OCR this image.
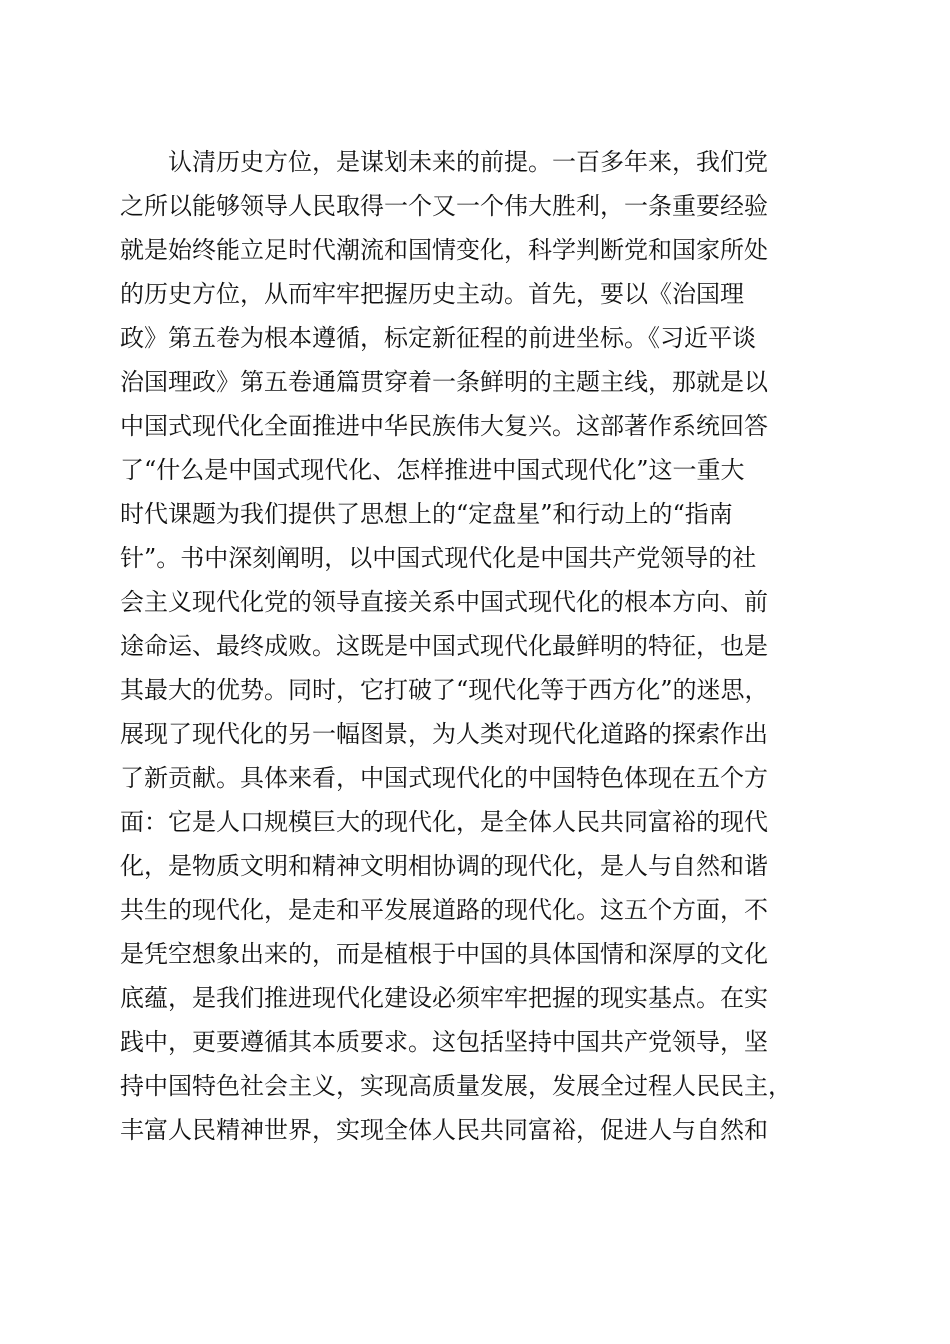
认清历史方位，是谋划未来的前提。一百多年来，我们党
之所以能够领导人民取得一个又一个伟大胜利，一条重要经验
就是始终能立足时代潮流和国情变化，科学判断党和国家所处
的历史方位，从而牢牢把握历史主动。首先，要以《治国理
政》第五卷为根本遵循，标定新征程的前进坐标。《习近平谈
治国理政》第五卷通篇贯穿着一条鲜明的主题主线，那就是以
中国式现代化全面推进中华民族伟大复兴。这部著作系统回答
了“什么是中国式现代化、怎样推进中国式现代化”这一重大
时代课题为我们提供了思想上的“定盘星”和行动上的“指南
针”。书中深刻阐明，以中国式现代化是中国共产党领导的社
会主义现代化党的领导直接关系中国式现代化的根本方向、前
途命运、最终成败。这既是中国式现代化最鲜明的特征，也是
其最大的优势。同时，它打破了“现代化等于西方化”的迷思，
展现了现代化的另一幅图景，为人类对现代化道路的探索作出
了新贡献。具体来看，中国式现代化的中国特色体现在五个方
面：它是人口规模巨大的现代化，是全体人民共同富裕的现代
化，是物质文明和精神文明相协调的现代化，是人与自然和谐
共生的现代化，是走和平发展道路的现代化。这五个方面，不
是凭空想象出来的，而是植根于中国的具体国情和深厚的文化
底蕴，是我们推进现代化建设必须牢牢把握的现实基点。在实
践中，更要遵循其本质要求。这包括坚持中国共产党领导，坚
持中国特色社会主义，实现高质量发展，发展全过程人民民主，
丰富人民精神世界，实现全体人民共同富裕，促进人与自然和
